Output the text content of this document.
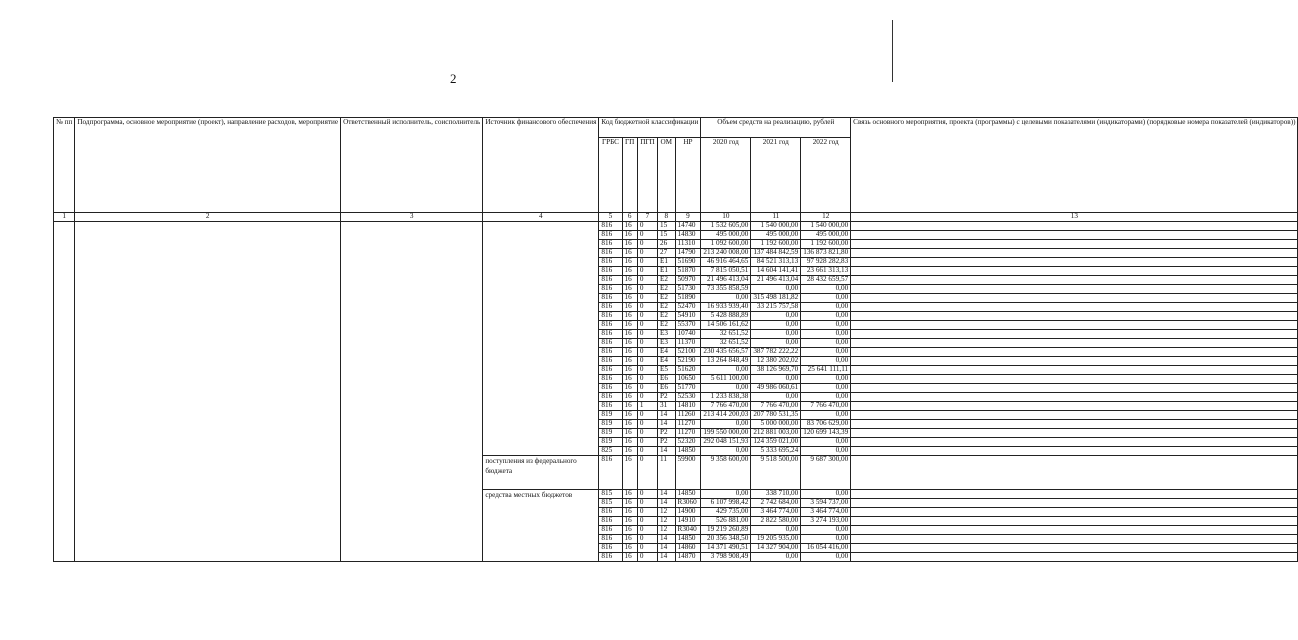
2
№ пп	Подпрограмма, основное мероприятие (проект), направление расходов, мероприятие	Ответственный исполнитель, соисполнитель	Источник финансового обеспечения	Код бюджетной классификации					Объем средств на реализацию, рублей			Связь основного мероприятия, проекта (программы) с целевыми показателями (индикаторами) (порядковые номера показателей (индикаторов))
				ГРБС	ГП	ПГП	ОМ	НР	2020 год	2021 год	2022 год	
1	2	3	4	5	6	7	8	9	10	11	12	13
				816	16	0	15	14740	1 532 605,00	1 540 000,00	1 540 000,00	
				816	16	0	15	14830	495 000,00	495 000,00	495 000,00	
				816	16	0	26	11310	1 092 600,00	1 192 600,00	1 192 600,00	
				816	16	0	27	14790	213 240 008,00	137 484 842,59	136 873 821,80	
				816	16	0	E1	51690	46 916 464,65	84 521 313,13	97 928 282,83	
				816	16	0	E1	51870	7 815 050,51	14 604 141,41	23 661 313,13	
				816	16	0	E2	50970	21 496 413,04	21 496 413,04	28 432 659,57	
				816	16	0	E2	51730	73 355 858,59	0,00	0,00	
				816	16	0	E2	51890	0,00	315 498 181,82	0,00	
				816	16	0	E2	52470	16 933 939,40	33 215 757,58	0,00	
				816	16	0	E2	54910	5 428 888,89	0,00	0,00	
				816	16	0	E2	55370	14 506 161,62	0,00	0,00	
				816	16	0	E3	10740	32 651,52	0,00	0,00	
				816	16	0	E3	11370	32 651,52	0,00	0,00	
				816	16	0	E4	52100	230 435 656,57	387 782 222,22	0,00	
				816	16	0	E4	52190	13 264 848,49	12 380 202,02	0,00	
				816	16	0	E5	51620	0,00	38 126 969,70	25 641 111,11	
				816	16	0	E6	10650	5 611 100,00	0,00	0,00	
				816	16	0	E6	51770	0,00	49 986 060,61	0,00	
				816	16	0	P2	52530	1 233 838,38	0,00	0,00	
				816	16	1	31	14810	7 766 470,00	7 766 470,00	7 766 470,00	
				819	16	0	14	11260	213 414 200,03	207 780 531,35	0,00	
				819	16	0	14	11270	0,00	5 000 000,00	83 706 629,00	
				819	16	0	P2	11270	199 550 000,00	212 881 003,00	120 699 143,39	
				819	16	0	P2	52320	292 048 151,93	124 359 021,00	0,00	
				825	16	0	14	14850	0,00	5 333 695,24	0,00	
			поступления из федерального бюджета	816	16	0	11	59900	9 358 600,00	9 518 500,00	9 687 300,00	
			средства местных бюджетов	815	16	0	14	14850	0,00	338 710,00	0,00	
				815	16	0	14	R3060	6 107 998,42	2 742 684,00	3 594 737,00	
				816	16	0	12	14900	429 735,00	3 464 774,00	3 464 774,00	
				816	16	0	12	14910	526 881,00	2 822 580,00	3 274 193,00	
				816	16	0	12	R3040	19 219 260,89	0,00	0,00	
				816	16	0	14	14850	20 356 348,50	19 205 935,00	0,00	
				816	16	0	14	14860	14 371 490,51	14 327 904,00	16 054 416,00	
				816	16	0	14	14870	3 798 908,49	0,00	0,00	
